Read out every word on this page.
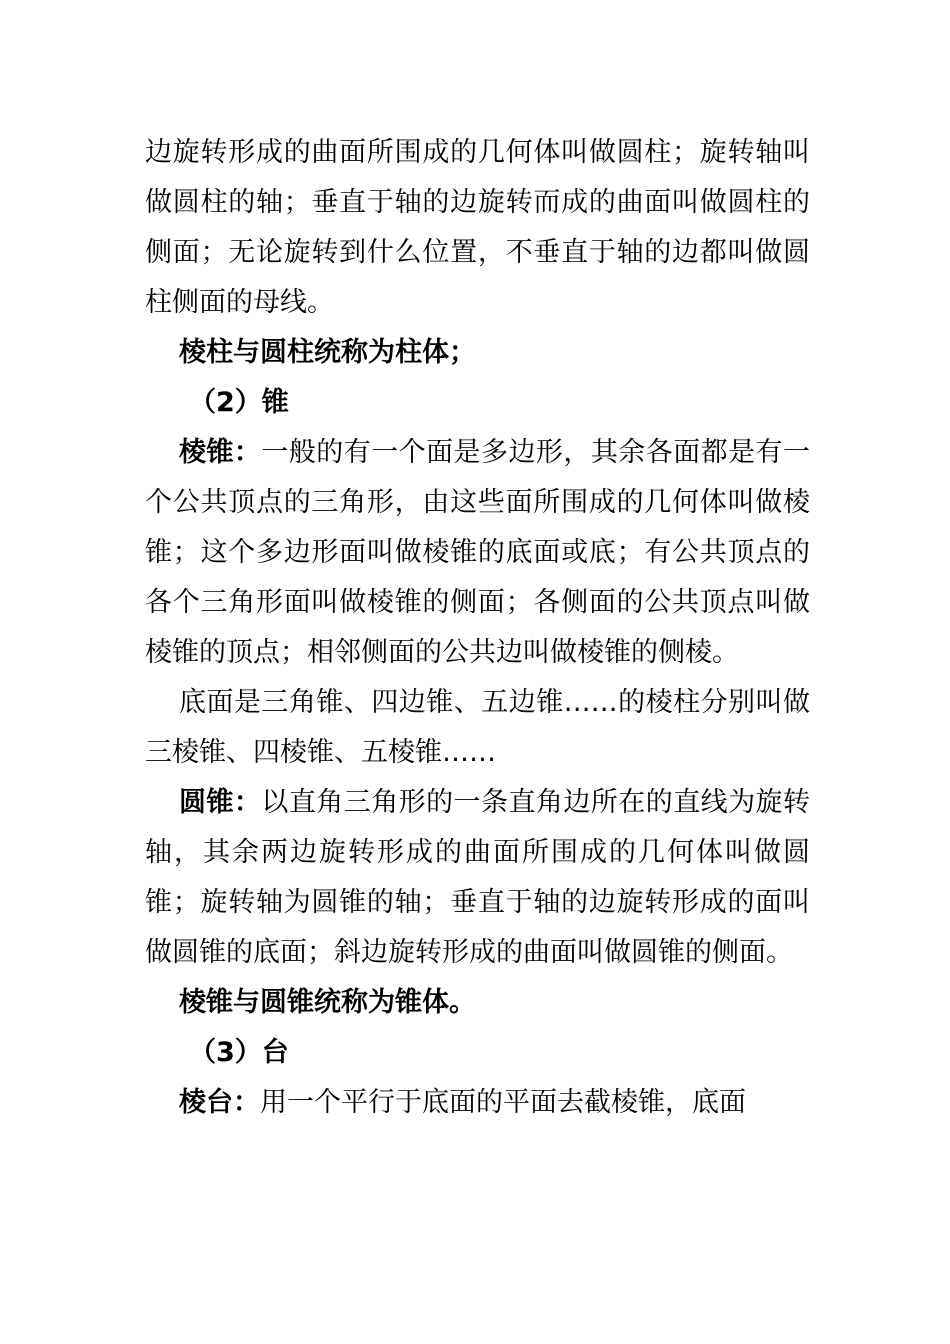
边旋转形成的曲面所围成的几何体叫做圆柱；旋转轴叫做圆柱的轴；垂直于轴的边旋转而成的曲面叫做圆柱的侧面；无论旋转到什么位置，不垂直于轴的边都叫做圆柱侧面的母线。

棱柱与圆柱统称为柱体；

（2）锥

棱锥：一般的有一个面是多边形，其余各面都是有一个公共顶点的三角形，由这些面所围成的几何体叫做棱锥；这个多边形面叫做棱锥的底面或底；有公共顶点的各个三角形面叫做棱锥的侧面；各侧面的公共顶点叫做棱锥的顶点；相邻侧面的公共边叫做棱锥的侧棱。

底面是三角锥、四边锥、五边锥……的棱柱分别叫做三棱锥、四棱锥、五棱锥……

圆锥：以直角三角形的一条直角边所在的直线为旋转轴，其余两边旋转形成的曲面所围成的几何体叫做圆锥；旋转轴为圆锥的轴；垂直于轴的边旋转形成的面叫做圆锥的底面；斜边旋转形成的曲面叫做圆锥的侧面。

棱锥与圆锥统称为锥体。

（3）台

棱台：用一个平行于底面的平面去截棱锥，底面
